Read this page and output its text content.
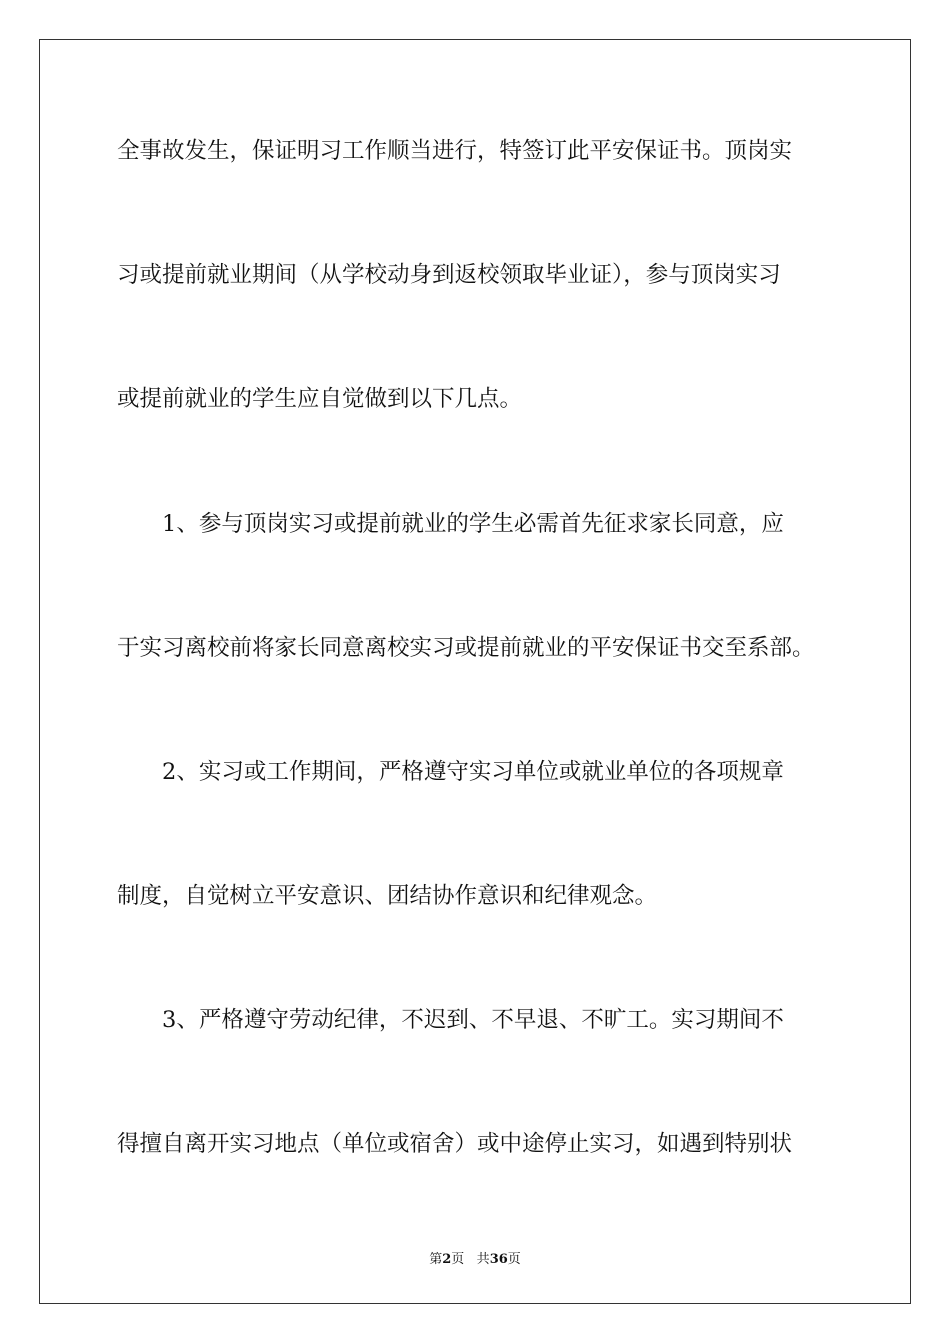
全事故发生，保证明习工作顺当进行，特签订此平安保证书。顶岗实
习或提前就业期间（从学校动身到返校领取毕业证），参与顶岗实习
或提前就业的学生应自觉做到以下几点。
　　1、参与顶岗实习或提前就业的学生必需首先征求家长同意，应
于实习离校前将家长同意离校实习或提前就业的平安保证书交至系部。
　　2、实习或工作期间，严格遵守实习单位或就业单位的各项规章
制度，自觉树立平安意识、团结协作意识和纪律观念。
　　3、严格遵守劳动纪律，不迟到、不早退、不旷工。实习期间不
得擅自离开实习地点（单位或宿舍）或中途停止实习，如遇到特别状
第2页 共36页
